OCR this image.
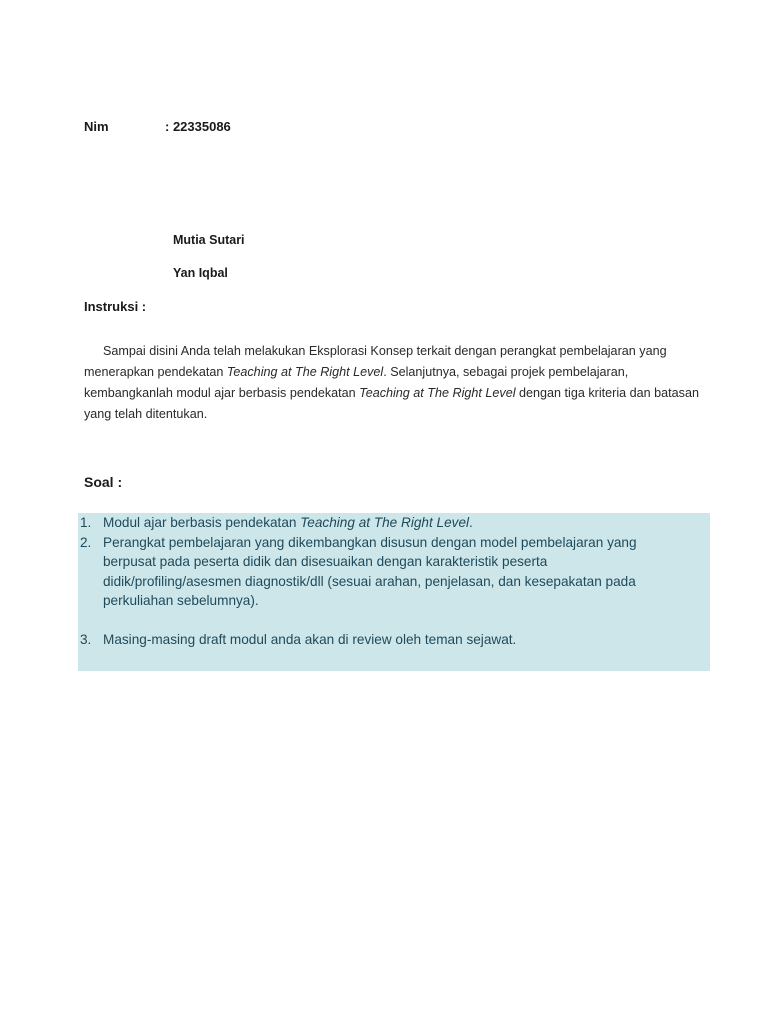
Nim	: 22335086
Mutia Sutari
Yan Iqbal
Instruksi :

Sampai disini Anda telah melakukan Eksplorasi Konsep terkait dengan perangkat pembelajaran yang menerapkan pendekatan Teaching at The Right Level. Selanjutnya, sebagai projek pembelajaran, kembangkanlah modul ajar berbasis pendekatan Teaching at The Right Level dengan tiga kriteria dan batasan yang telah ditentukan.

Soal :
1. Modul ajar berbasis pendekatan Teaching at The Right Level.
2. Perangkat pembelajaran yang dikembangkan disusun dengan model pembelajaran yang berpusat pada peserta didik dan disesuaikan dengan karakteristik peserta didik/profiling/asesmen diagnostik/dll (sesuai arahan, penjelasan, dan kesepakatan pada perkuliahan sebelumnya).
3. Masing-masing draft modul anda akan di review oleh teman sejawat.
